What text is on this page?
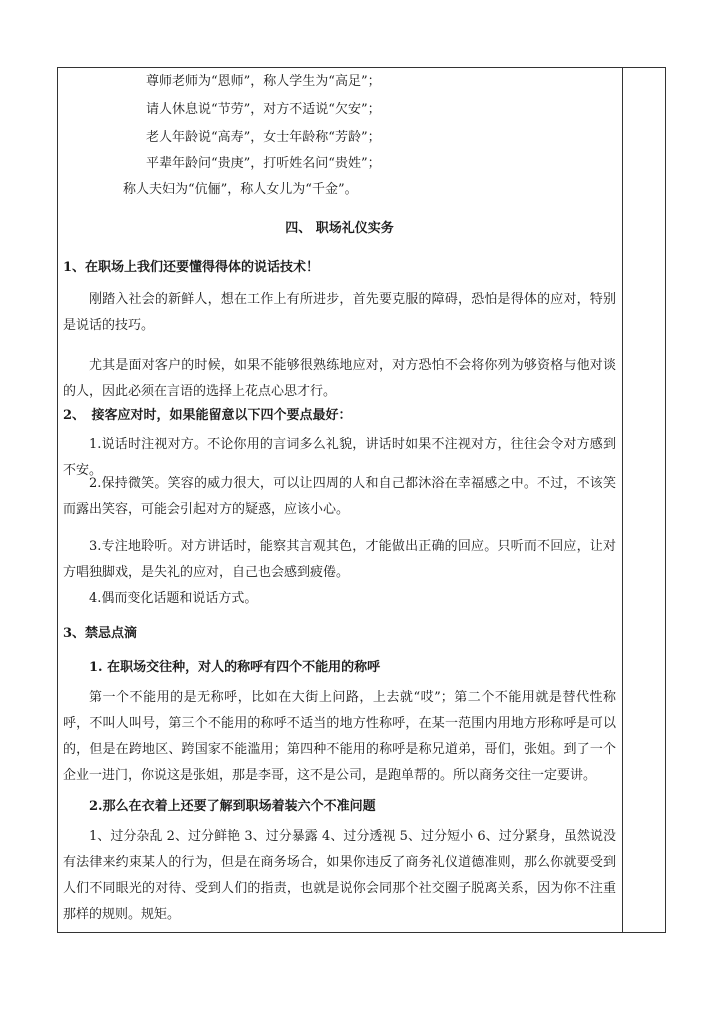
尊师老师为“恩师”，称人学生为“高足”；
请人休息说“节劳”，对方不适说“欠安”；
老人年龄说“高寿”，女士年龄称“芳龄”；
平辈年龄问“贵庚”，打听姓名问“贵姓”；
称人夫妇为“伉俪”，称人女儿为“千金”。
四、 职场礼仪实务
1、在职场上我们还要懂得得体的说话技术！
刚踏入社会的新鲜人，想在工作上有所进步，首先要克服的障碍，恐怕是得体的应对，特别是说话的技巧。
尤其是面对客户的时候，如果不能够很熟练地应对，对方恐怕不会将你列为够资格与他对谈的人，因此必须在言语的选择上花点心思才行。
2、　接客应对时，如果能留意以下四个要点最好：
1.说话时注视对方。不论你用的言词多么礼貌，讲话时如果不注视对方，往往会令对方感到不安。
2.保持微笑。笑容的威力很大，可以让四周的人和自己都沐浴在幸福感之中。不过，不该笑而露出笑容，可能会引起对方的疑惑，应该小心。
3.专注地聆听。对方讲话时，能察其言观其色，才能做出正确的回应。只听而不回应，让对方唱独脚戏，是失礼的应对，自己也会感到疲倦。
4.偶而变化话题和说话方式。
3、禁忌点滴
1. 在职场交往种，对人的称呼有四个不能用的称呼
第一个不能用的是无称呼，比如在大街上问路，上去就“哎”；第二个不能用就是替代性称呼，不叫人叫号，第三个不能用的称呼不适当的地方性称呼，在某一范围内用地方形称呼是可以的，但是在跨地区、跨国家不能滥用；第四种不能用的称呼是称兄道弟，哥们，张姐。到了一个企业一进门，你说这是张姐，那是李哥，这不是公司，是跑单帮的。所以商务交往一定要讲。
2.那么在衣着上还要了解到职场着装六个不准问题
1、过分杂乱 2、过分鲜艳 3、过分暴露 4、过分透视 5、过分短小 6、过分紧身，虽然说没有法律来约束某人的行为，但是在商务场合，如果你违反了商务礼仪道德准则，那么你就要受到人们不同眼光的对待、受到人们的指责，也就是说你会同那个社交圈子脱离关系，因为你不注重那样的规则。规矩。
